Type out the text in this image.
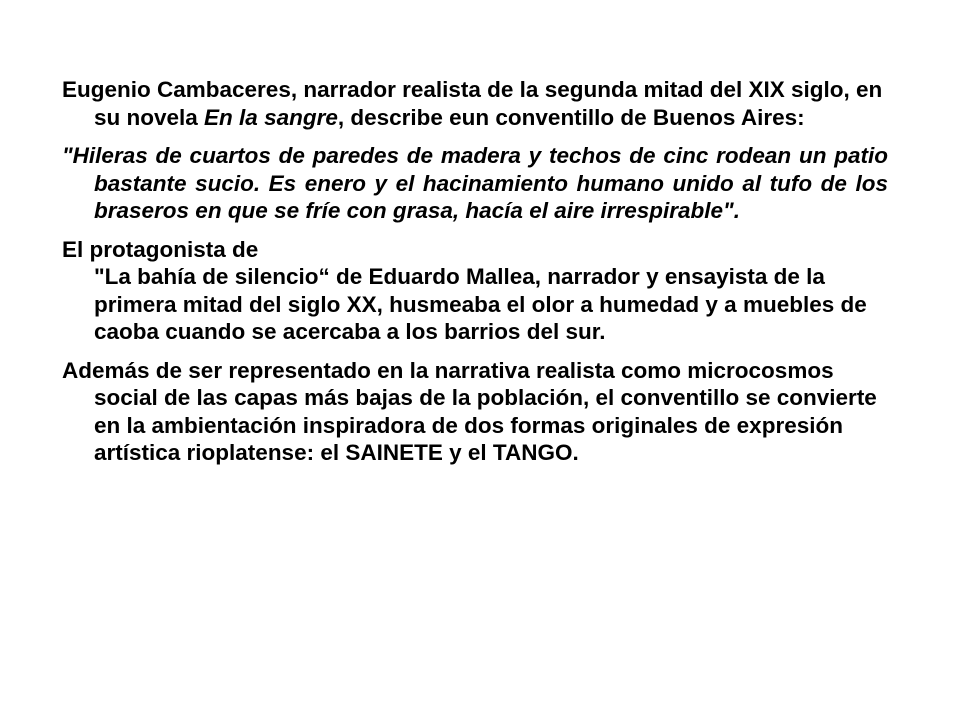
Eugenio Cambaceres, narrador realista de la segunda mitad del XIX siglo, en su novela En la sangre, describe eun conventillo de Buenos Aires:

"Hileras de cuartos de paredes de madera y techos de cinc rodean un patio bastante sucio. Es enero y el hacinamiento humano unido al tufo de los braseros en que se fríe con grasa, hacía el aire irrespirable".

El protagonista de
"La bahía de silencio“ de Eduardo Mallea, narrador y ensayista de la primera mitad del siglo XX, husmeaba el olor a humedad y a muebles de caoba cuando se acercaba a los barrios del sur.

Además de ser representado en la narrativa realista como microcosmos social de las capas más bajas de la población, el conventillo se convierte en la ambientación inspiradora de dos formas originales de expresión artística rioplatense: el SAINETE y el TANGO.
